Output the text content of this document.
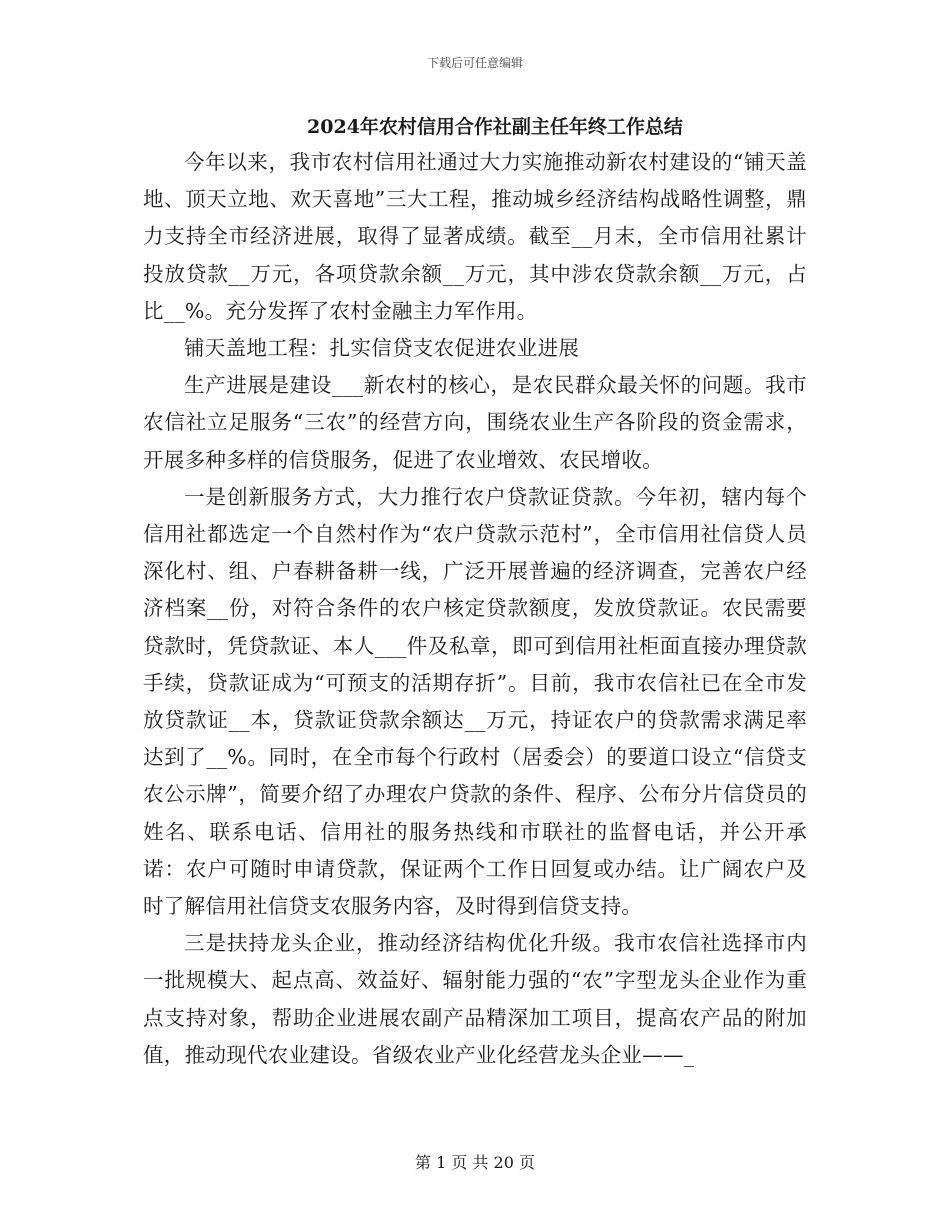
下载后可任意编辑
2024年农村信用合作社副主任年终工作总结

今年以来，我市农村信用社通过大力实施推动新农村建设的“铺天盖地、顶天立地、欢天喜地”三大工程，推动城乡经济结构战略性调整，鼎力支持全市经济进展，取得了显著成绩。截至__月末，全市信用社累计投放贷款__万元，各项贷款余额__万元，其中涉农贷款余额__万元，占比__%。充分发挥了农村金融主力军作用。

铺天盖地工程：扎实信贷支农促进农业进展

生产进展是建设___新农村的核心，是农民群众最关怀的问题。我市农信社立足服务“三农”的经营方向，围绕农业生产各阶段的资金需求，开展多种多样的信贷服务，促进了农业增效、农民增收。

一是创新服务方式，大力推行农户贷款证贷款。今年初，辖内每个信用社都选定一个自然村作为“农户贷款示范村”，全市信用社信贷人员深化村、组、户春耕备耕一线，广泛开展普遍的经济调查，完善农户经济档案__份，对符合条件的农户核定贷款额度，发放贷款证。农民需要贷款时，凭贷款证、本人___件及私章，即可到信用社柜面直接办理贷款手续，贷款证成为“可预支的活期存折”。目前，我市农信社已在全市发放贷款证__本，贷款证贷款余额达__万元，持证农户的贷款需求满足率达到了__%。同时，在全市每个行政村（居委会）的要道口设立“信贷支农公示牌”，简要介绍了办理农户贷款的条件、程序、公布分片信贷员的姓名、联系电话、信用社的服务热线和市联社的监督电话，并公开承诺：农户可随时申请贷款，保证两个工作日回复或办结。让广阔农户及时了解信用社信贷支农服务内容，及时得到信贷支持。

三是扶持龙头企业，推动经济结构优化升级。我市农信社选择市内一批规模大、起点高、效益好、辐射能力强的“农”字型龙头企业作为重点支持对象，帮助企业进展农副产品精深加工项目，提高农产品的附加值，推动现代农业建设。省级农业产业化经营龙头企业——_

第 1 页 共 20 页
